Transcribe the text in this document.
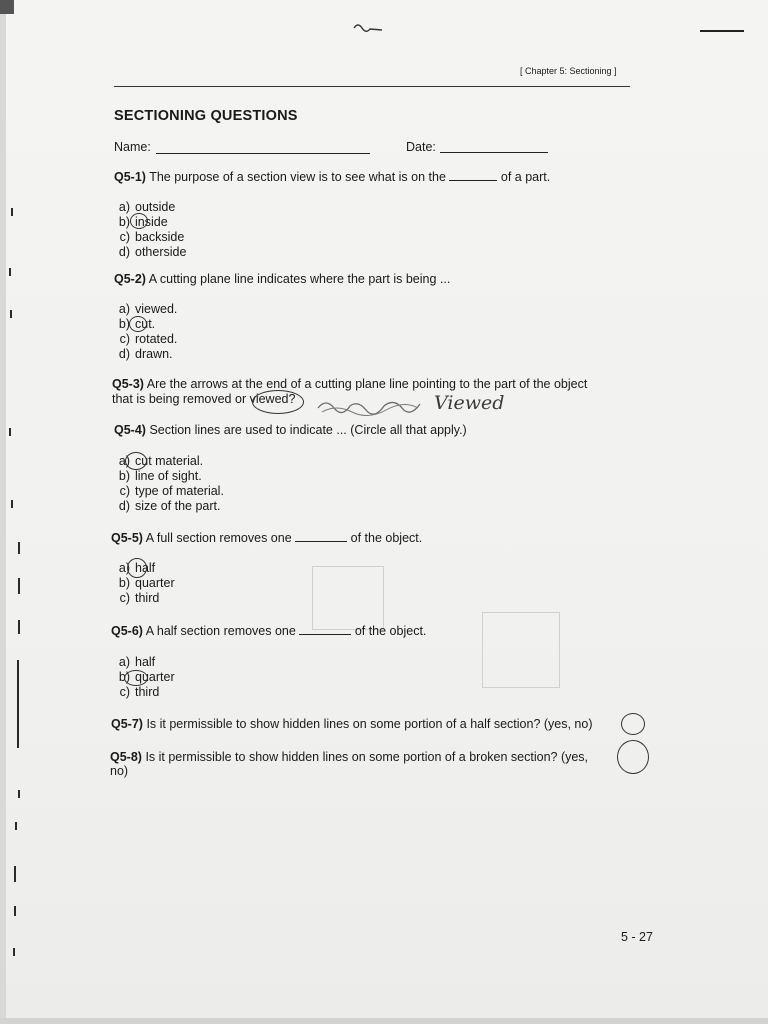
[ Chapter 5: Sectioning ]
SECTIONING QUESTIONS
Name:	Date:
Q5-1) The purpose of a section view is to see what is on the	of a part.
a) outside
b) inside
c) backside
d) otherside
Q5-2) A cutting plane line indicates where the part is being ...
a) viewed.
b) cut.
c) rotated.
d) drawn.
Q5-3) Are the arrows at the end of a cutting plane line pointing to the part of the object
that is being removed or viewed?	Viewed
Q5-4) Section lines are used to indicate ... (Circle all that apply.)
a) cut material.
b) line of sight.
c) type of material.
d) size of the part.
Q5-5) A full section removes one	of the object.
a) half
b) quarter
c) third
Q5-6) A half section removes one	of the object.
a) half
b) quarter
c) third
Q5-7) Is it permissible to show hidden lines on some portion of a half section? (yes, no)
Q5-8) Is it permissible to show hidden lines on some portion of a broken section? (yes,
no)
5 - 27
